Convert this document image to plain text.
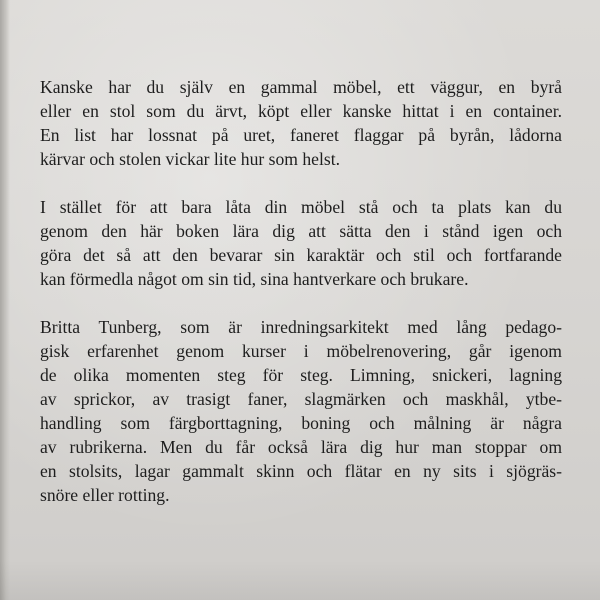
Kanske har du själv en gammal möbel, ett väggur, en byrå
eller en stol som du ärvt, köpt eller kanske hittat i en container.
En list har lossnat på uret, faneret flaggar på byrån, lådorna
kärvar och stolen vickar lite hur som helst.

I stället för att bara låta din möbel stå och ta plats kan du
genom den här boken lära dig att sätta den i stånd igen och
göra det så att den bevarar sin karaktär och stil och fortfarande
kan förmedla något om sin tid, sina hantverkare och brukare.

Britta Tunberg, som är inredningsarkitekt med lång pedago-
gisk erfarenhet genom kurser i möbelrenovering, går igenom
de olika momenten steg för steg. Limning, snickeri, lagning
av sprickor, av trasigt faner, slagmärken och maskhål, ytbe-
handling som färgborttagning, boning och målning är några
av rubrikerna. Men du får också lära dig hur man stoppar om
en stolsits, lagar gammalt skinn och flätar en ny sits i sjögräs-
snöre eller rotting.
